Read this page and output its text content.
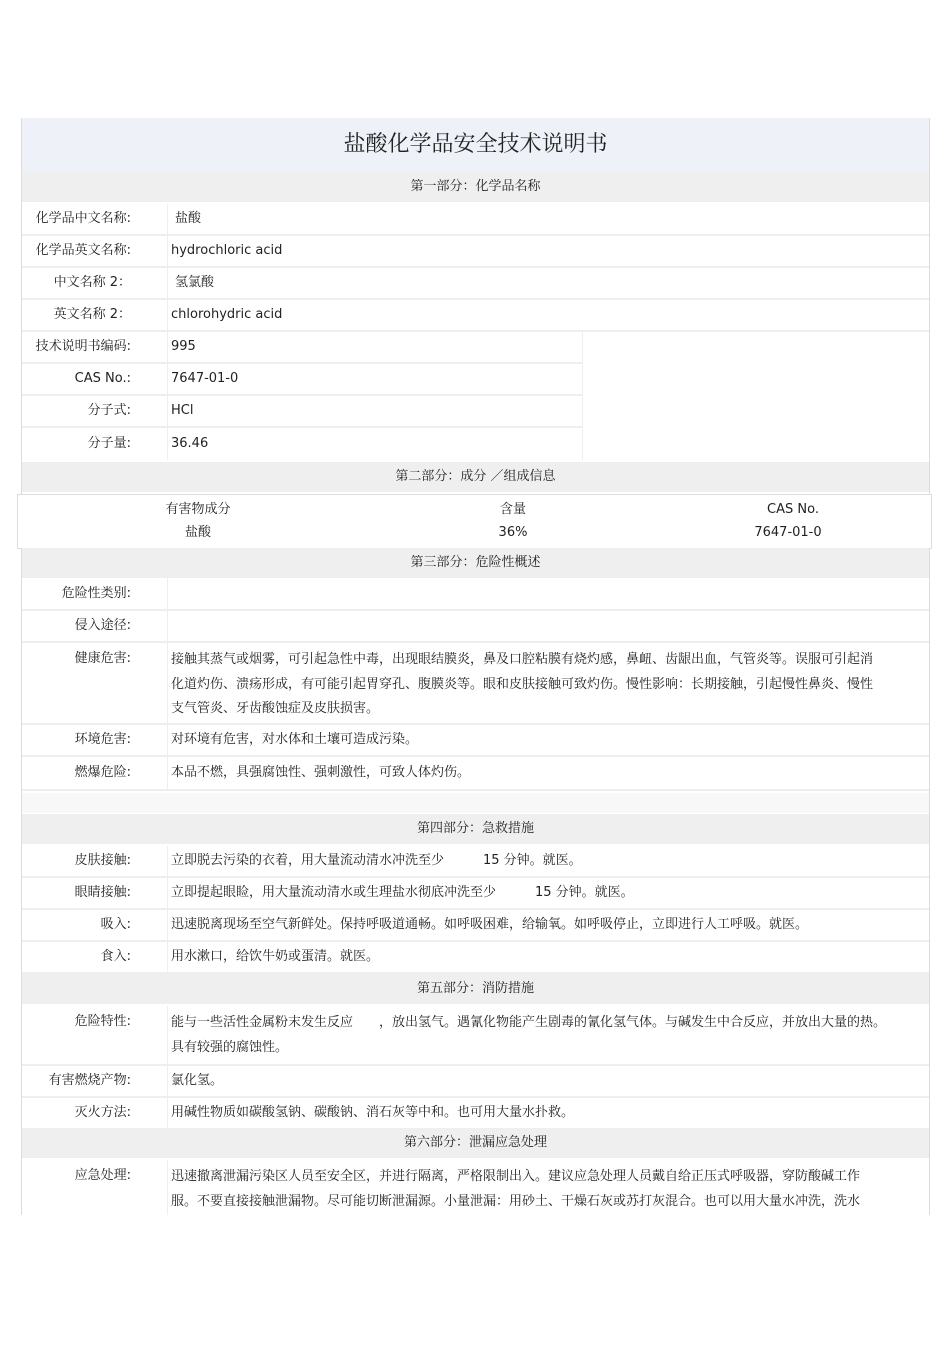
盐酸化学品安全技术说明书
第一部分：化学品名称
化学品中文名称:	盐酸
化学品英文名称:	hydrochloric acid
中文名称 2：	氢氯酸
英文名称 2：	chlorohydric acid
技术说明书编码:	995
CAS No.:	7647-01-0
分子式:	HCl
分子量:	36.46
第二部分：成分 ／组成信息
有害物成分	含量	CAS No.
盐酸	36%	7647-01-0
第三部分：危险性概述
危险性类别:
侵入途径:
健康危害:	接触其蒸气或烟雾，可引起急性中毒，出现眼结膜炎，鼻及口腔粘膜有烧灼感，鼻衄、齿龈出血，气管炎等。误服可引起消化道灼伤、溃疡形成，有可能引起胃穿孔、腹膜炎等。眼和皮肤接触可致灼伤。慢性影响：长期接触，引起慢性鼻炎、慢性支气管炎、牙齿酸蚀症及皮肤损害。
环境危害:	对环境有危害，对水体和土壤可造成污染。
燃爆危险:	本品不燃，具强腐蚀性、强刺激性，可致人体灼伤。
第四部分：急救措施
皮肤接触:	立即脱去污染的衣着，用大量流动清水冲洗至少　　　15 分钟。就医。
眼睛接触:	立即提起眼睑，用大量流动清水或生理盐水彻底冲洗至少　　　15 分钟。就医。
吸入:	迅速脱离现场至空气新鲜处。保持呼吸道通畅。如呼吸困难，给输氧。如呼吸停止，立即进行人工呼吸。就医。
食入:	用水漱口，给饮牛奶或蛋清。就医。
第五部分：消防措施
危险特性:	能与一些活性金属粉末发生反应　　，放出氢气。遇氰化物能产生剧毒的氰化氢气体。与碱发生中合反应，并放出大量的热。具有较强的腐蚀性。
有害燃烧产物:	氯化氢。
灭火方法:	用碱性物质如碳酸氢钠、碳酸钠、消石灰等中和。也可用大量水扑救。
第六部分：泄漏应急处理
应急处理:	迅速撤离泄漏污染区人员至安全区，并进行隔离，严格限制出入。建议应急处理人员戴自给正压式呼吸器，穿防酸碱工作服。不要直接接触泄漏物。尽可能切断泄漏源。小量泄漏：用砂土、干燥石灰或苏打灰混合。也可以用大量水冲洗，洗水
